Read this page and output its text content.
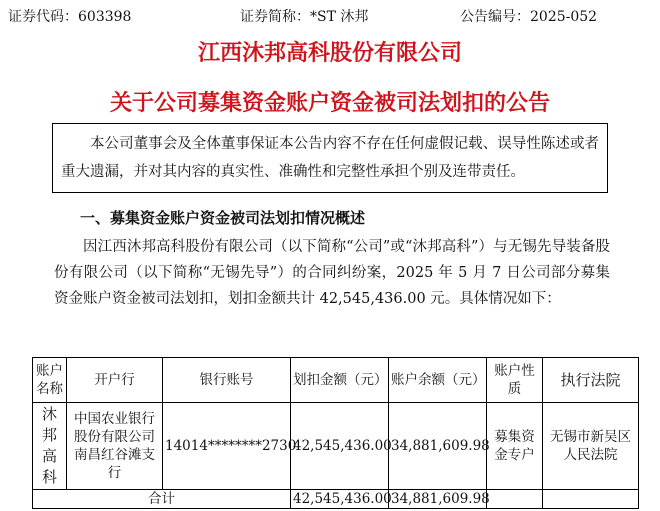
证券代码：603398	证券简称：*ST 沐邦	公告编号：2025-052
江西沐邦高科股份有限公司
关于公司募集资金账户资金被司法划扣的公告
本公司董事会及全体董事保证本公告内容不存在任何虚假记载、误导性陈述或者重大遗漏，并对其内容的真实性、准确性和完整性承担个别及连带责任。
一、募集资金账户资金被司法划扣情况概述
因江西沐邦高科股份有限公司（以下简称“公司”或“沐邦高科”）与无锡先导装备股份有限公司（以下简称“无锡先导”）的合同纠纷案，2025 年 5 月 7 日公司部分募集资金账户资金被司法划扣，划扣金额共计 42,545,436.00 元。具体情况如下：
账户名称	开户行	银行账号	划扣金额（元）	账户余额（元）	账户性质	执行法院
沐邦高科	中国农业银行股份有限公司南昌红谷滩支行	14014********2730	42,545,436.00	34,881,609.98	募集资金专户	无锡市新吴区人民法院
合计			42,545,436.00	34,881,609.98		
